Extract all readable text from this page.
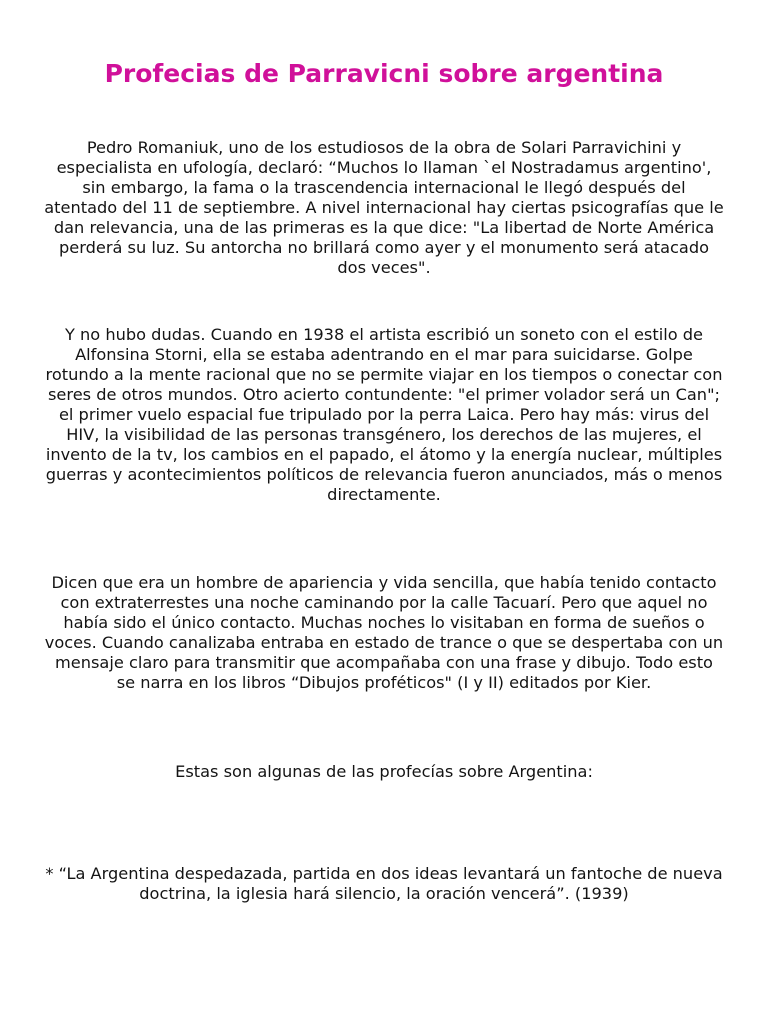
Profecias de Parravicni sobre argentina

Pedro Romaniuk, uno de los estudiosos de la obra de Solari Parravichini y especialista en ufología, declaró: “Muchos lo llaman `el Nostradamus argentino', sin embargo, la fama o la trascendencia internacional le llegó después del atentado del 11 de septiembre. A nivel internacional hay ciertas psicografías que le dan relevancia, una de las primeras es la que dice: "La libertad de Norte América perderá su luz. Su antorcha no brillará como ayer y el monumento será atacado dos veces".

Y no hubo dudas. Cuando en 1938 el artista escribió un soneto con el estilo de Alfonsina Storni, ella se estaba adentrando en el mar para suicidarse. Golpe rotundo a la mente racional que no se permite viajar en los tiempos o conectar con seres de otros mundos. Otro acierto contundente: "el primer volador será un Can"; el primer vuelo espacial fue tripulado por la perra Laica. Pero hay más: virus del HIV, la visibilidad de las personas transgénero, los derechos de las mujeres, el invento de la tv, los cambios en el papado, el átomo y la energía nuclear, múltiples guerras y acontecimientos políticos de relevancia fueron anunciados, más o menos directamente.

Dicen que era un hombre de apariencia y vida sencilla, que había tenido contacto con extraterrestes una noche caminando por la calle Tacuarí. Pero que aquel no había sido el único contacto. Muchas noches lo visitaban en forma de sueños o voces. Cuando canalizaba entraba en estado de trance o que se despertaba con un mensaje claro para transmitir que acompañaba con una frase y dibujo. Todo esto se narra en los libros “Dibujos proféticos" (I y II) editados por Kier.

Estas son algunas de las profecías sobre Argentina:

* “La Argentina despedazada, partida en dos ideas levantará un fantoche de nueva doctrina, la iglesia hará silencio, la oración vencerá”. (1939)
